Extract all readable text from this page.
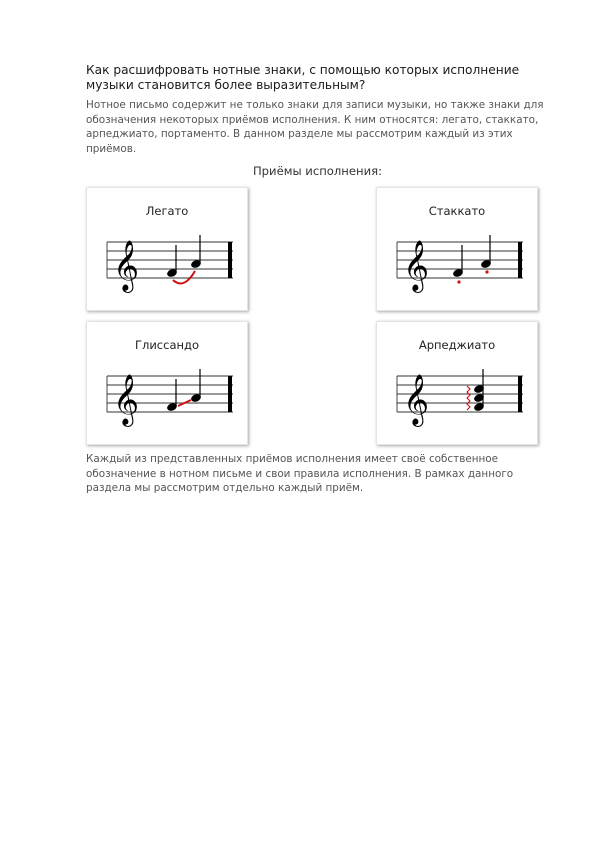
Как расшифровать нотные знаки, с помощью которых исполнение музыки становится более выразительным?

Нотное письмо содержит не только знаки для записи музыки, но также знаки для обозначения некоторых приёмов исполнения. К ним относятся: легато, стаккато, арпеджиато, портаменто. В данном разделе мы рассмотрим каждый из этих приёмов.

Приёмы исполнения:
Легато
𝄞
Стаккато
𝄞
Глиссандо
𝄞
Арпеджиато
𝄞

Каждый из представленных приёмов исполнения имеет своё собственное обозначение в нотном письме и свои правила исполнения. В рамках данного раздела мы рассмотрим отдельно каждый приём.
